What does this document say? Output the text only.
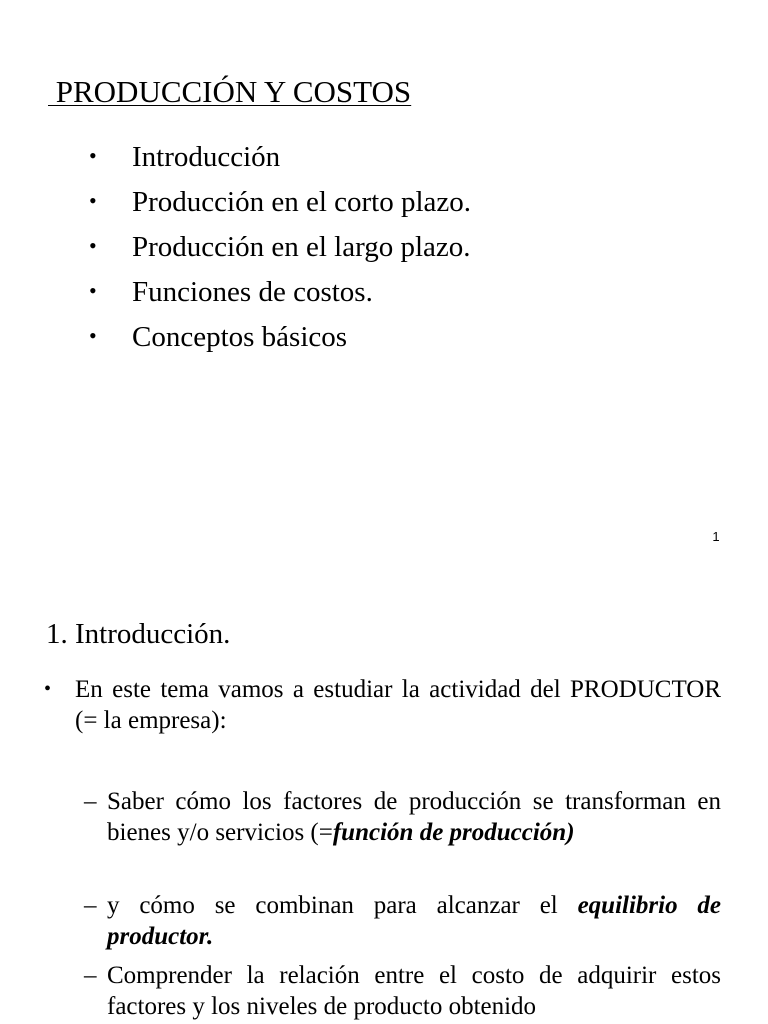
PRODUCCIÓN Y COSTOS
• Introducción
• Producción en el corto plazo.
• Producción en el largo plazo.
• Funciones de costos.
• Conceptos básicos
1
1. Introducción.
• En este tema vamos a estudiar la actividad del PRODUCTOR (= la empresa):
– Saber cómo los factores de producción se transforman en bienes y/o servicios (=función de producción)
– y cómo se combinan para alcanzar el equilibrio de productor.
– Comprender la relación entre el costo de adquirir estos factores y los niveles de producto obtenido
